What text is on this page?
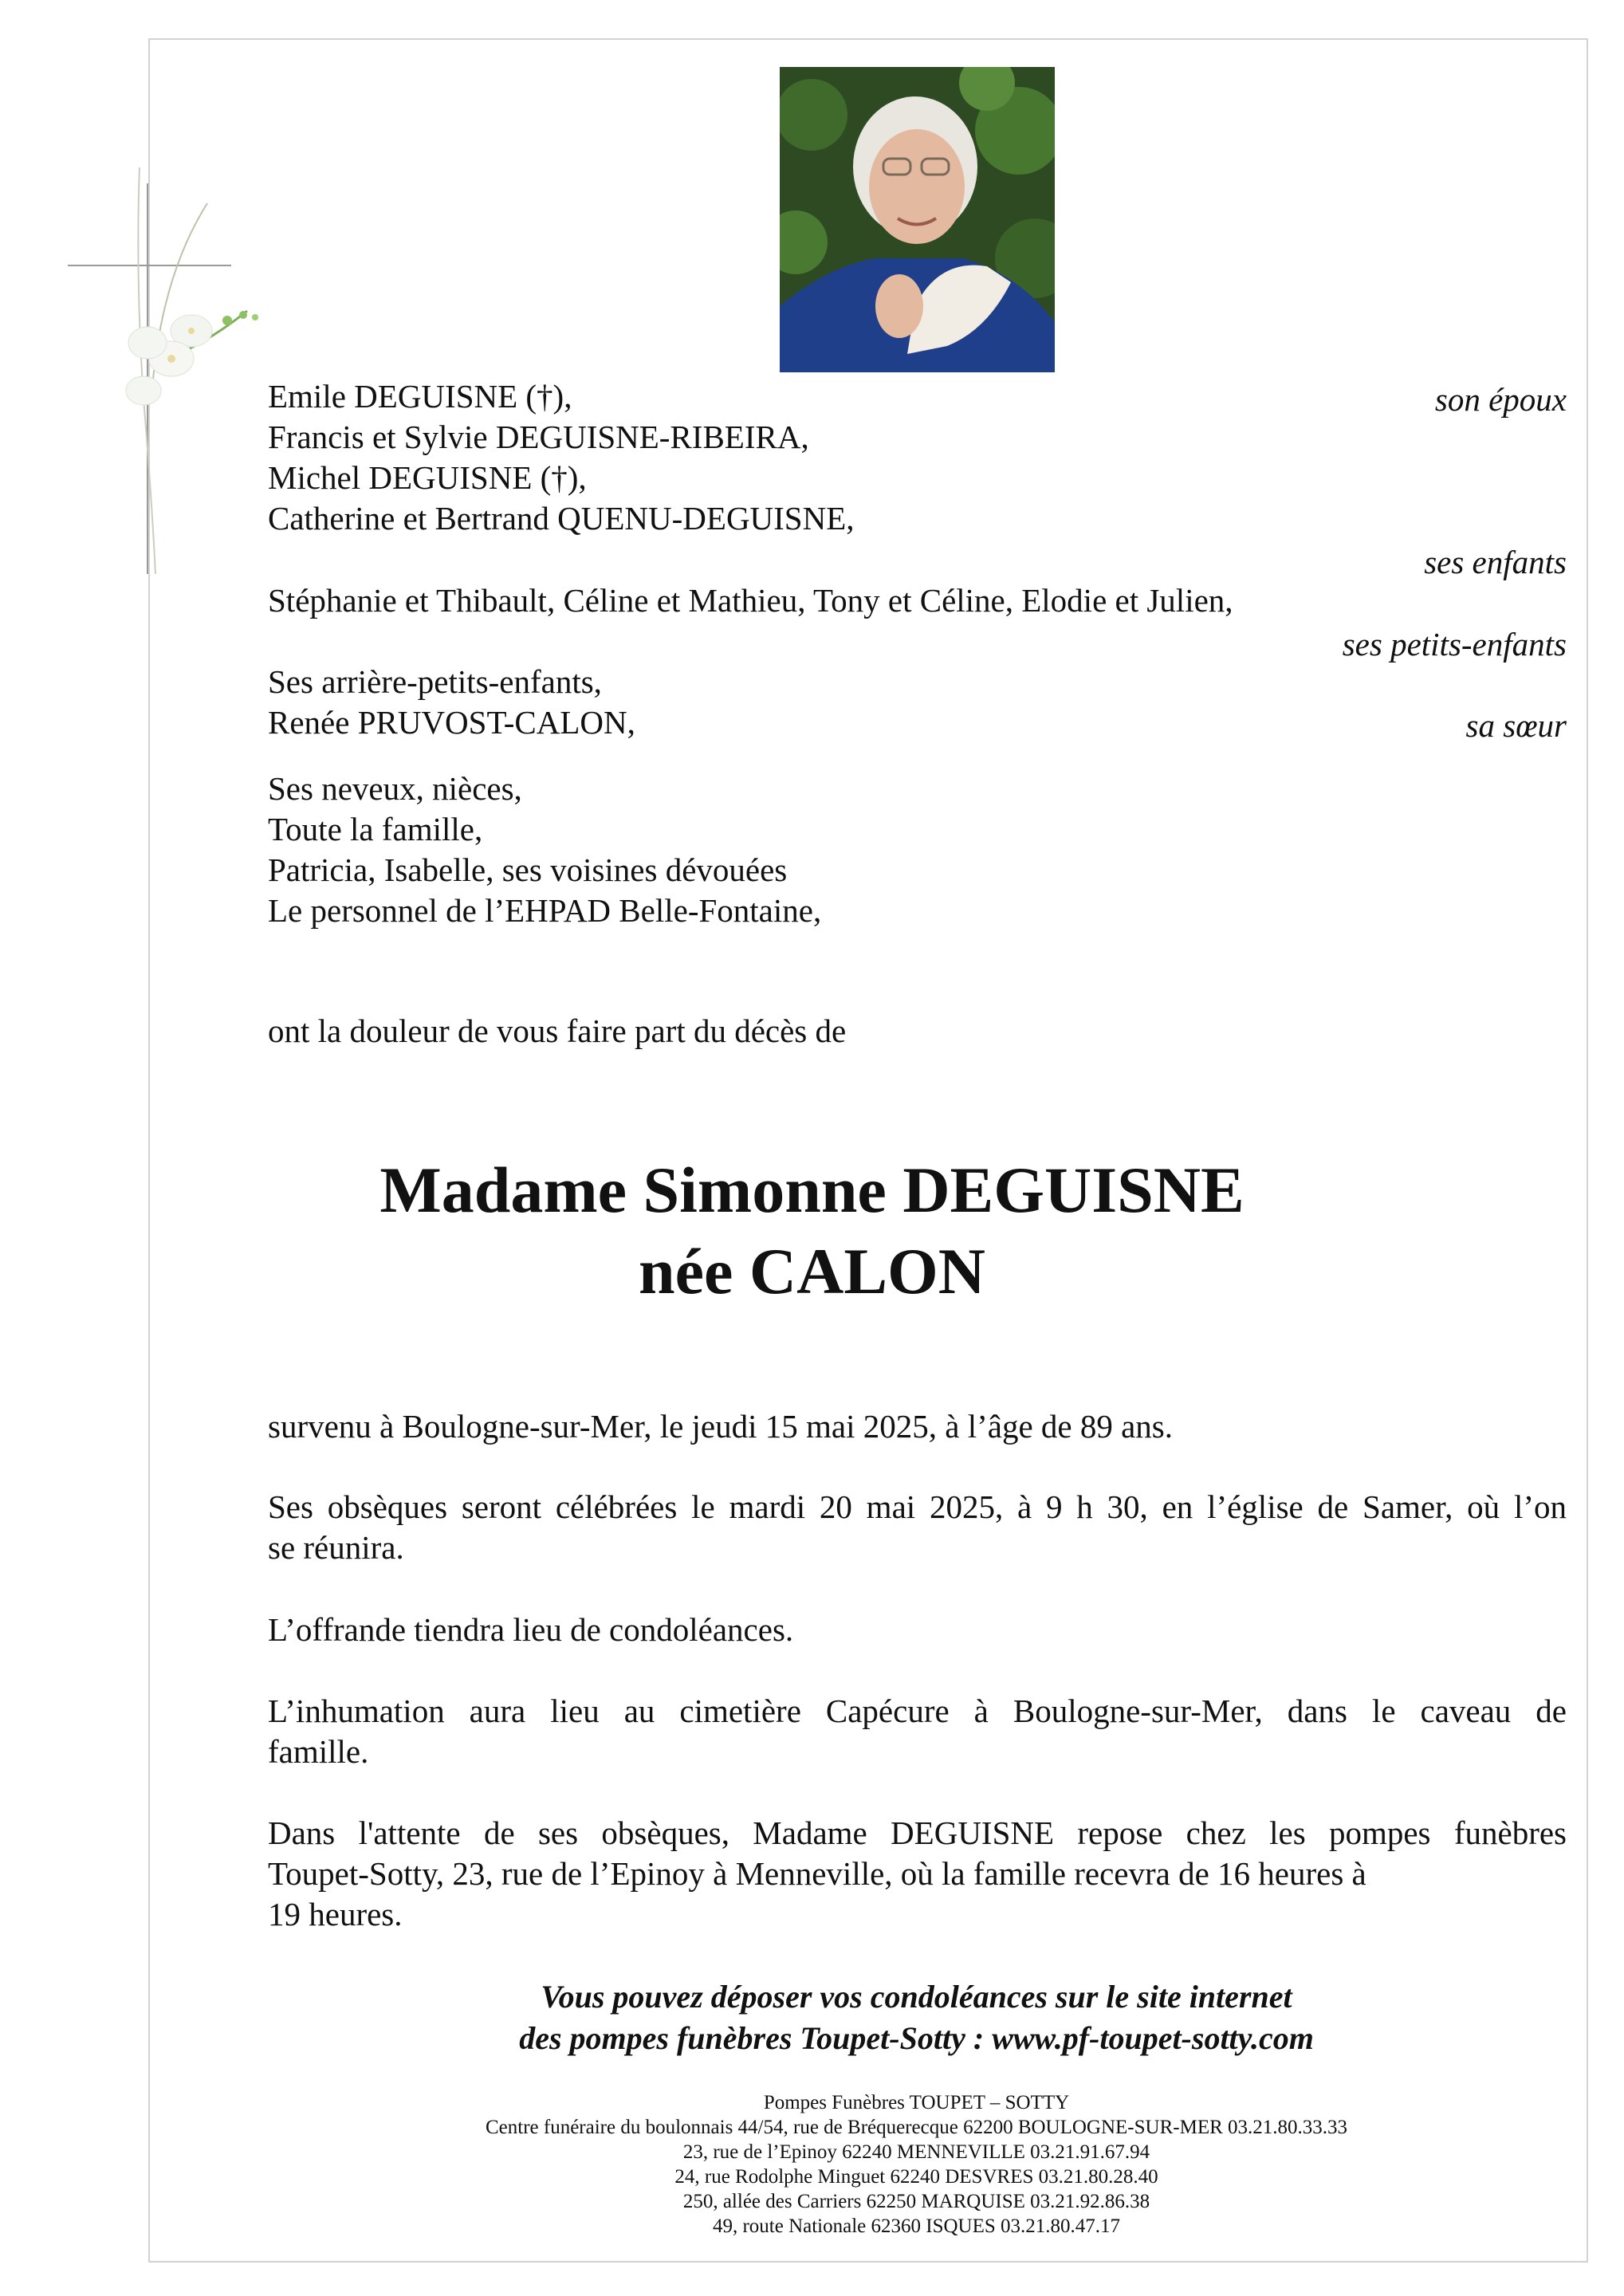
Emile DEGUISNE (†),
Francis et Sylvie DEGUISNE-RIBEIRA,
Michel DEGUISNE (†),
Catherine et Bertrand QUENU-DEGUISNE,
Stéphanie et Thibault, Céline et Mathieu, Tony et Céline, Elodie et Julien,
Ses arrière-petits-enfants,
Renée PRUVOST-CALON,
Ses neveux, nièces,
Toute la famille,
Patricia, Isabelle, ses voisines dévouées
Le personnel de l’EHPAD Belle-Fontaine,
son époux
ses enfants
ses petits-enfants
sa sœur
ont la douleur de vous faire part du décès de
Madame Simonne DEGUISNE
née CALON
survenu à Boulogne-sur-Mer, le jeudi 15 mai 2025, à l’âge de 89 ans.
Ses obsèques seront célébrées le mardi 20 mai 2025, à 9 h 30, en l’église de Samer, où l’on
se réunira.
L’offrande tiendra lieu de condoléances.
L’inhumation aura lieu au cimetière Capécure à Boulogne-sur-Mer, dans le caveau de
famille.
Dans l'attente de ses obsèques, Madame DEGUISNE repose chez les pompes funèbres
Toupet-Sotty, 23, rue de l’Epinoy à Menneville, où la famille recevra de 16 heures à
19 heures.
Vous pouvez déposer vos condoléances sur le site internet
des pompes funèbres Toupet-Sotty : www.pf-toupet-sotty.com
Pompes Funèbres TOUPET – SOTTY
Centre funéraire du boulonnais 44/54, rue de Bréquerecque 62200 BOULOGNE-SUR-MER 03.21.80.33.33
23, rue de l’Epinoy 62240 MENNEVILLE 03.21.91.67.94
24, rue Rodolphe Minguet 62240 DESVRES 03.21.80.28.40
250, allée des Carriers 62250 MARQUISE 03.21.92.86.38
49, route Nationale 62360 ISQUES 03.21.80.47.17
